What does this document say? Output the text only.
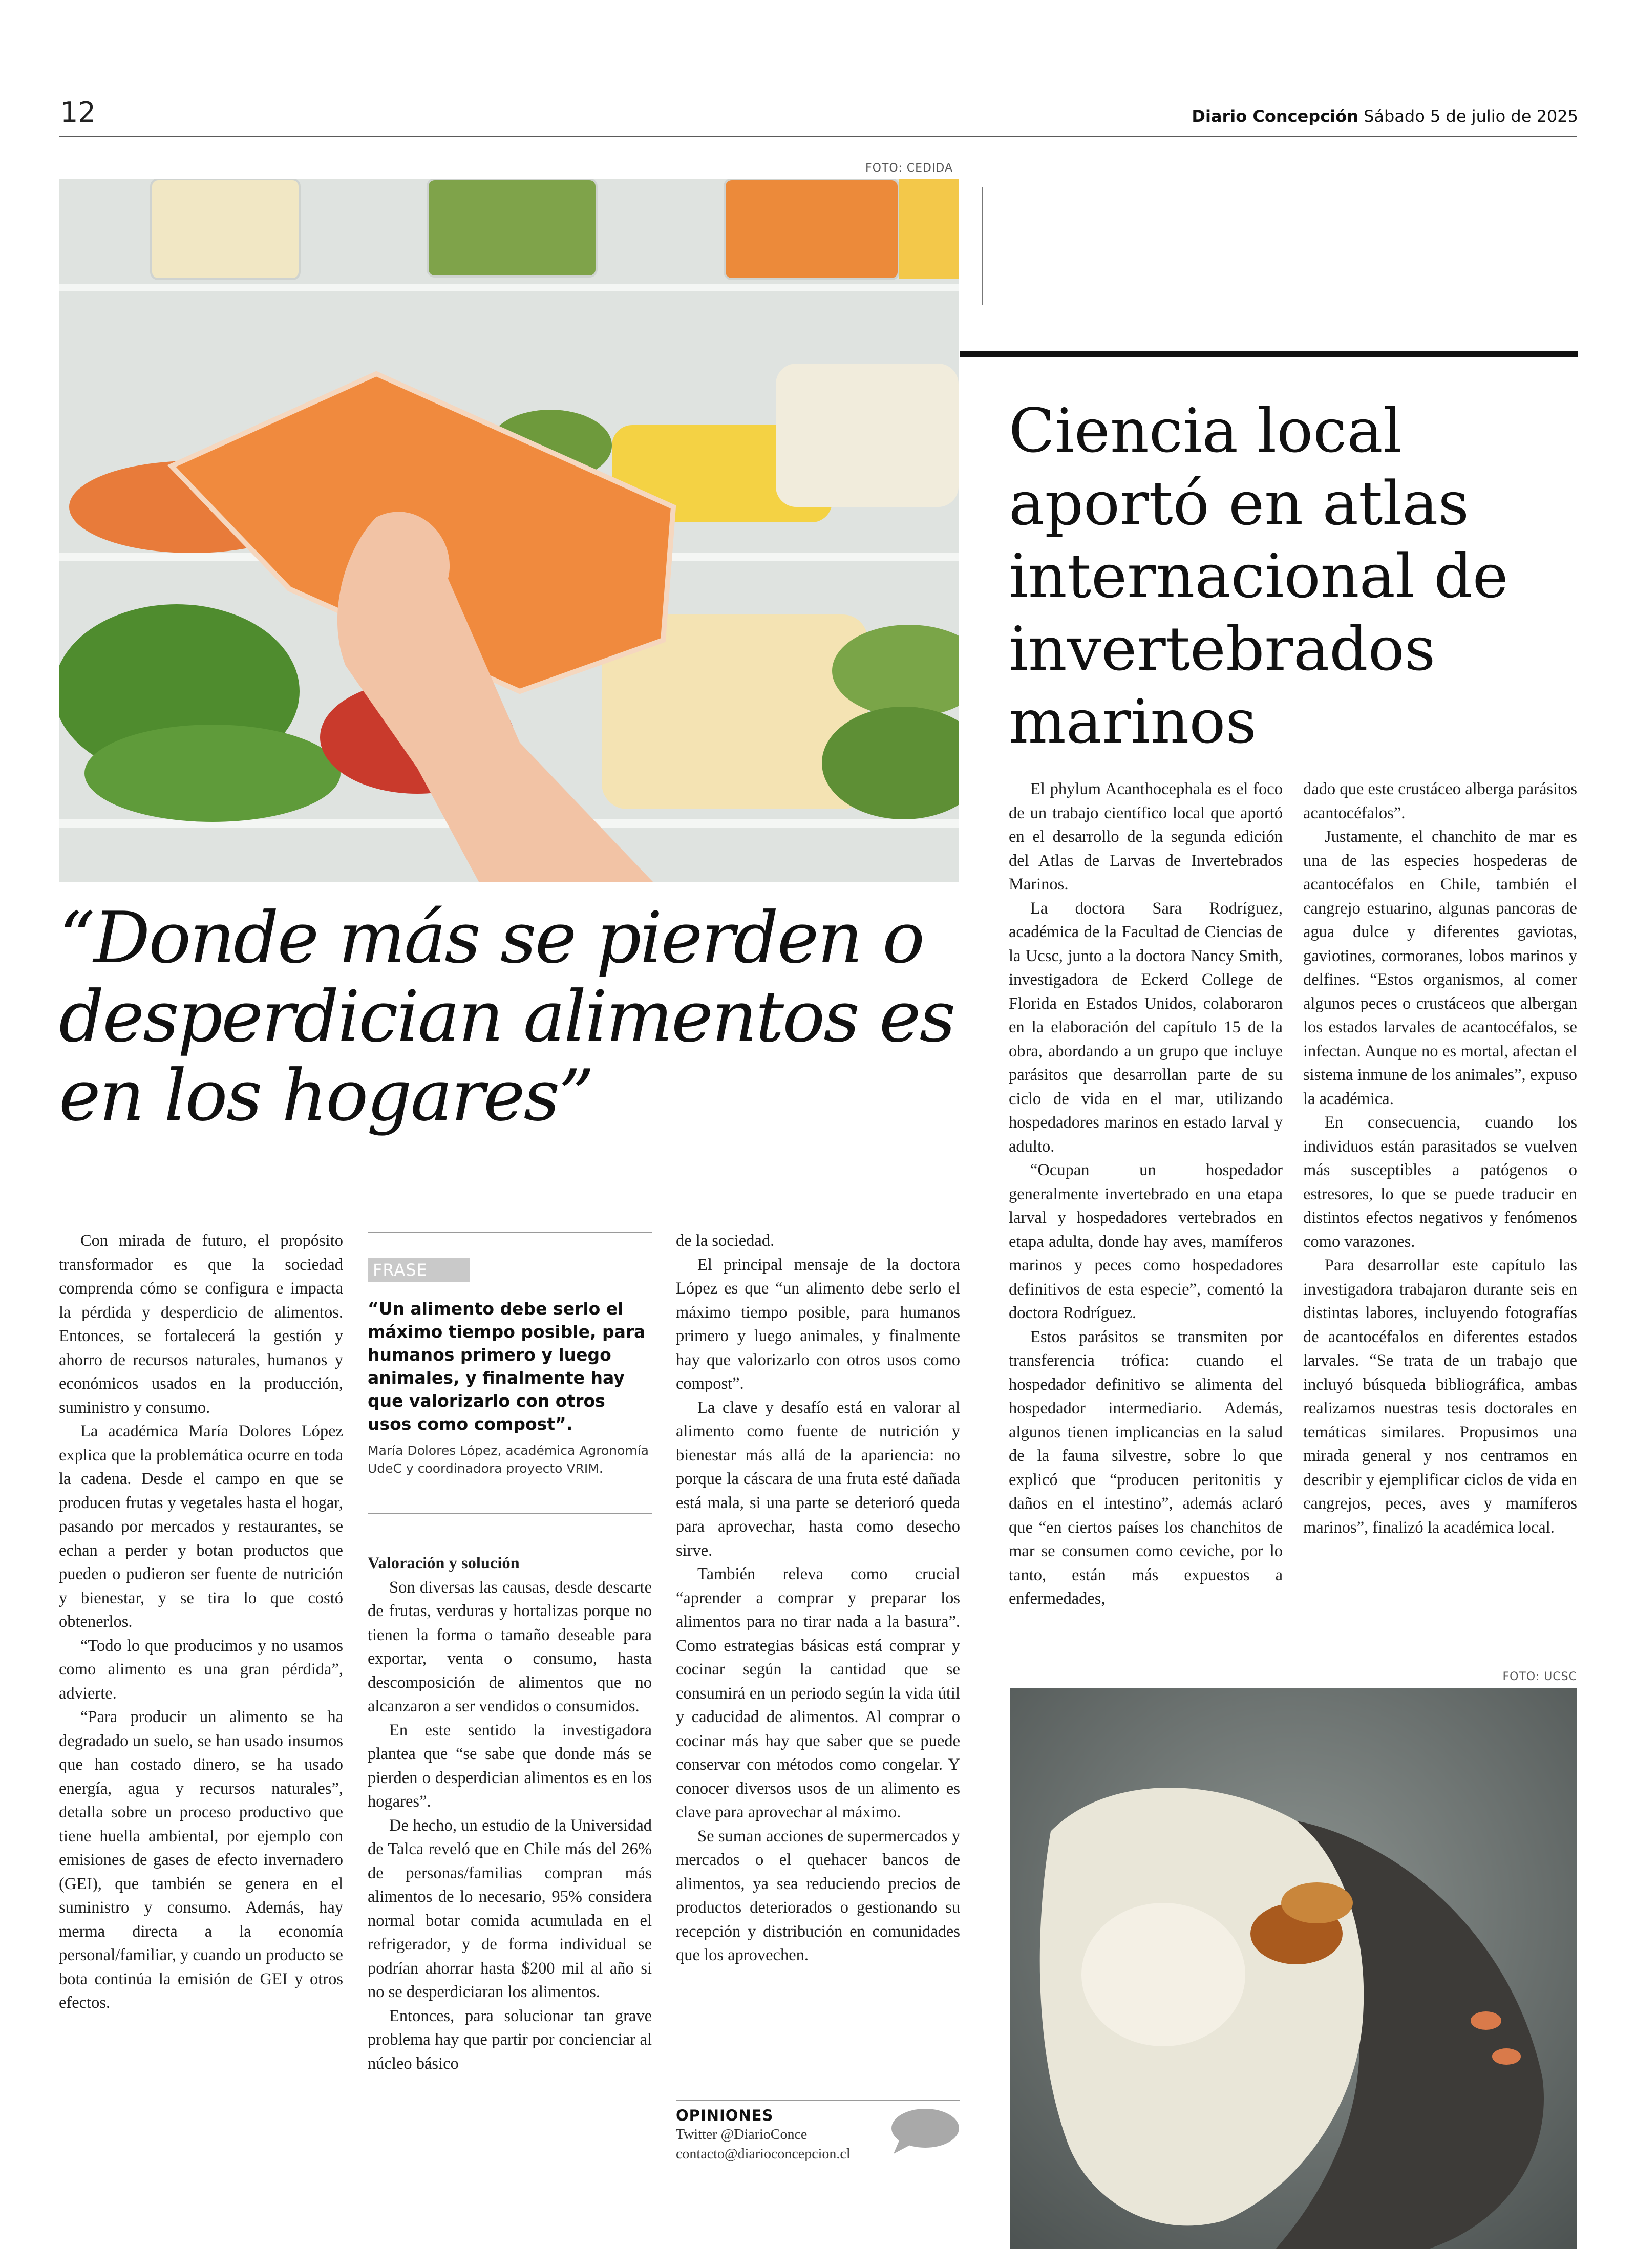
12	Diario Concepción Sábado 5 de julio de 2025
FOTO: CEDIDA
Ciencia local aportó en atlas internacional de invertebrados marinos
“Donde más se pierden o desperdician alimentos es en los hogares”

Con mirada de futuro, el propósito transformador es que la sociedad comprenda cómo se configura e impacta la pérdida y desperdicio de alimentos. Entonces, se fortalecerá la gestión y ahorro de recursos naturales, humanos y económicos usados en la producción, suministro y consumo.

La académica María Dolores López explica que la problemática ocurre en toda la cadena. Desde el campo en que se producen frutas y vegetales hasta el hogar, pasando por mercados y restaurantes, se echan a perder y botan productos que pueden o pudieron ser fuente de nutrición y bienestar, y se tira lo que costó obtenerlos.

“Todo lo que producimos y no usamos como alimento es una gran pérdida”, advierte.

“Para producir un alimento se ha degradado un suelo, se han usado insumos que han costado dinero, se ha usado energía, agua y recursos naturales”, detalla sobre un proceso productivo que tiene huella ambiental, por ejemplo con emisiones de gases de efecto invernadero (GEI), que también se genera en el suministro y consumo. Además, hay merma directa a la economía personal/familiar, y cuando un producto se bota continúa la emisión de GEI y otros efectos.

FRASE
“Un alimento debe serlo el máximo tiempo posible, para humanos primero y luego animales, y finalmente hay que valorizarlo con otros usos como compost”.
María Dolores López, académica Agronomía UdeC y coordinadora proyecto VRIM.
Valoración y solución

Son diversas las causas, desde descarte de frutas, verduras y hortalizas porque no tienen la forma o tamaño deseable para exportar, venta o consumo, hasta descomposición de alimentos que no alcanzaron a ser vendidos o consumidos.

En este sentido la investigadora plantea que “se sabe que donde más se pierden o desperdician alimentos es en los hogares”.

De hecho, un estudio de la Universidad de Talca reveló que en Chile más del 26% de personas/familias compran más alimentos de lo necesario, 95% considera normal botar comida acumulada en el refrigerador, y de forma individual se podrían ahorrar hasta $200 mil al año si no se desperdiciaran los alimentos.

Entonces, para solucionar tan grave problema hay que partir por concienciar al núcleo básico

de la sociedad.

El principal mensaje de la doctora López es que “un alimento debe serlo el máximo tiempo posible, para humanos primero y luego animales, y finalmente hay que valorizarlo con otros usos como compost”.

La clave y desafío está en valorar al alimento como fuente de nutrición y bienestar más allá de la apariencia: no porque la cáscara de una fruta esté dañada está mala, si una parte se deterioró queda para aprovechar, hasta como desecho sirve.

También releva como crucial “aprender a comprar y preparar los alimentos para no tirar nada a la basura”. Como estrategias básicas está comprar y cocinar según la cantidad que se consumirá en un periodo según la vida útil y caducidad de alimentos. Al comprar o cocinar más hay que saber que se puede conservar con métodos como congelar. Y conocer diversos usos de un alimento es clave para aprovechar al máximo.

Se suman acciones de supermercados y mercados o el quehacer bancos de alimentos, ya sea reduciendo precios de productos deteriorados o gestionando su recepción y distribución en comunidades que los aprovechen.

OPINIONES
Twitter @DiarioConce
contacto@diarioconcepcion.cl

El phylum Acanthocephala es el foco de un trabajo científico local que aportó en el desarrollo de la segunda edición del Atlas de Larvas de Invertebrados Marinos.

La doctora Sara Rodríguez, académica de la Facultad de Ciencias de la Ucsc, junto a la doctora Nancy Smith, investigadora de Eckerd College de Florida en Estados Unidos, colaboraron en la elaboración del capítulo 15 de la obra, abordando a un grupo que incluye parásitos que desarrollan parte de su ciclo de vida en el mar, utilizando hospedadores marinos en estado larval y adulto.

“Ocupan un hospedador generalmente invertebrado en una etapa larval y hospedadores vertebrados en etapa adulta, donde hay aves, mamíferos marinos y peces como hospedadores definitivos de esta especie”, comentó la doctora Rodríguez.

Estos parásitos se transmiten por transferencia trófica: cuando el hospedador definitivo se alimenta del hospedador intermediario. Además, algunos tienen implicancias en la salud de la fauna silvestre, sobre lo que explicó que “producen peritonitis y daños en el intestino”, además aclaró que “en ciertos países los chanchitos de mar se consumen como ceviche, por lo tanto, están más expuestos a enfermedades,

dado que este crustáceo alberga parásitos acantocéfalos”.

Justamente, el chanchito de mar es una de las especies hospederas de acantocéfalos en Chile, también el cangrejo estuarino, algunas pancoras de agua dulce y diferentes gaviotas, gaviotines, cormoranes, lobos marinos y delfines. “Estos organismos, al comer algunos peces o crustáceos que albergan los estados larvales de acantocéfalos, se infectan. Aunque no es mortal, afectan el sistema inmune de los animales”, expuso la académica.

En consecuencia, cuando los individuos están parasitados se vuelven más susceptibles a patógenos o estresores, lo que se puede traducir en distintos efectos negativos y fenómenos como varazones.

Para desarrollar este capítulo las investigadora trabajaron durante seis en distintas labores, incluyendo fotografías de acantocéfalos en diferentes estados larvales. “Se trata de un trabajo que incluyó búsqueda bibliográfica, ambas realizamos nuestras tesis doctorales en temáticas similares. Propusimos una mirada general y nos centramos en describir y ejemplificar ciclos de vida en cangrejos, peces, aves y mamíferos marinos”, finalizó la académica local.

FOTO: UCSC
